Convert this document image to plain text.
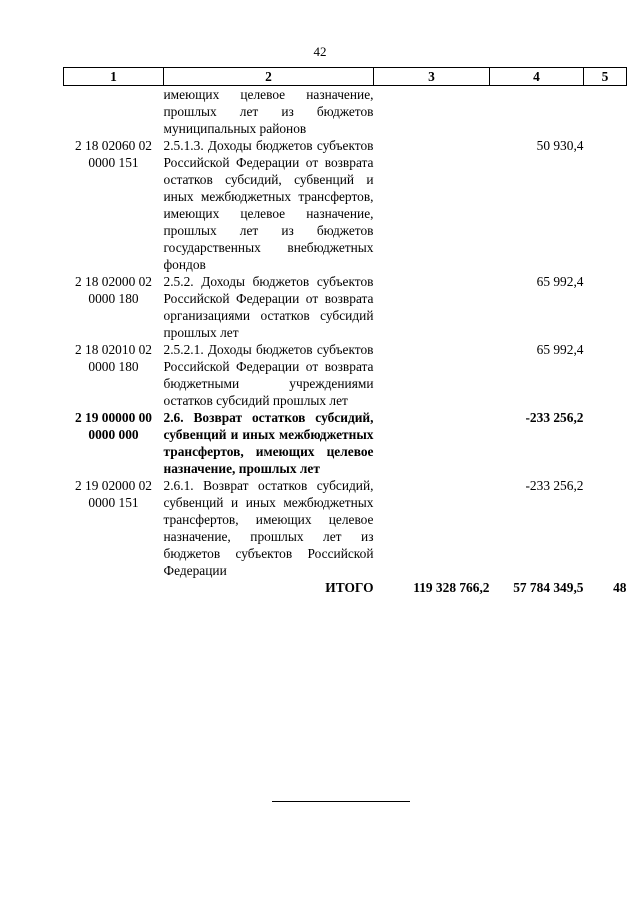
42
1	2	3	4	5
	имеющих целевое назначение, прошлых лет из бюджетов муниципальных районов			
2 18 02060 02 0000 151	2.5.1.3. Доходы бюджетов субъектов Российской Федерации от возврата остатков субсидий, субвенций и иных межбюджетных трансфертов, имеющих целевое назначение, прошлых лет из бюджетов государственных внебюджетных фондов		50 930,4	
2 18 02000 02 0000 180	2.5.2. Доходы бюджетов субъектов Российской Федерации от возврата организациями остатков субсидий прошлых лет		65 992,4	
2 18 02010 02 0000 180	2.5.2.1. Доходы бюджетов субъектов Российской Федерации от возврата бюджетными учреждениями остатков субсидий прошлых лет		65 992,4	
2 19 00000 00 0000 000	2.6. Возврат остатков субсидий, субвенций и иных межбюджетных трансфертов, имеющих целевое назначение, прошлых лет		-233 256,2	
2 19 02000 02 0000 151	2.6.1. Возврат остатков субсидий, субвенций и иных межбюджетных трансфертов, имеющих целевое назначение, прошлых лет из бюджетов субъектов Российской Федерации		-233 256,2	
	ИТОГО	119 328 766,2	57 784 349,5	48
